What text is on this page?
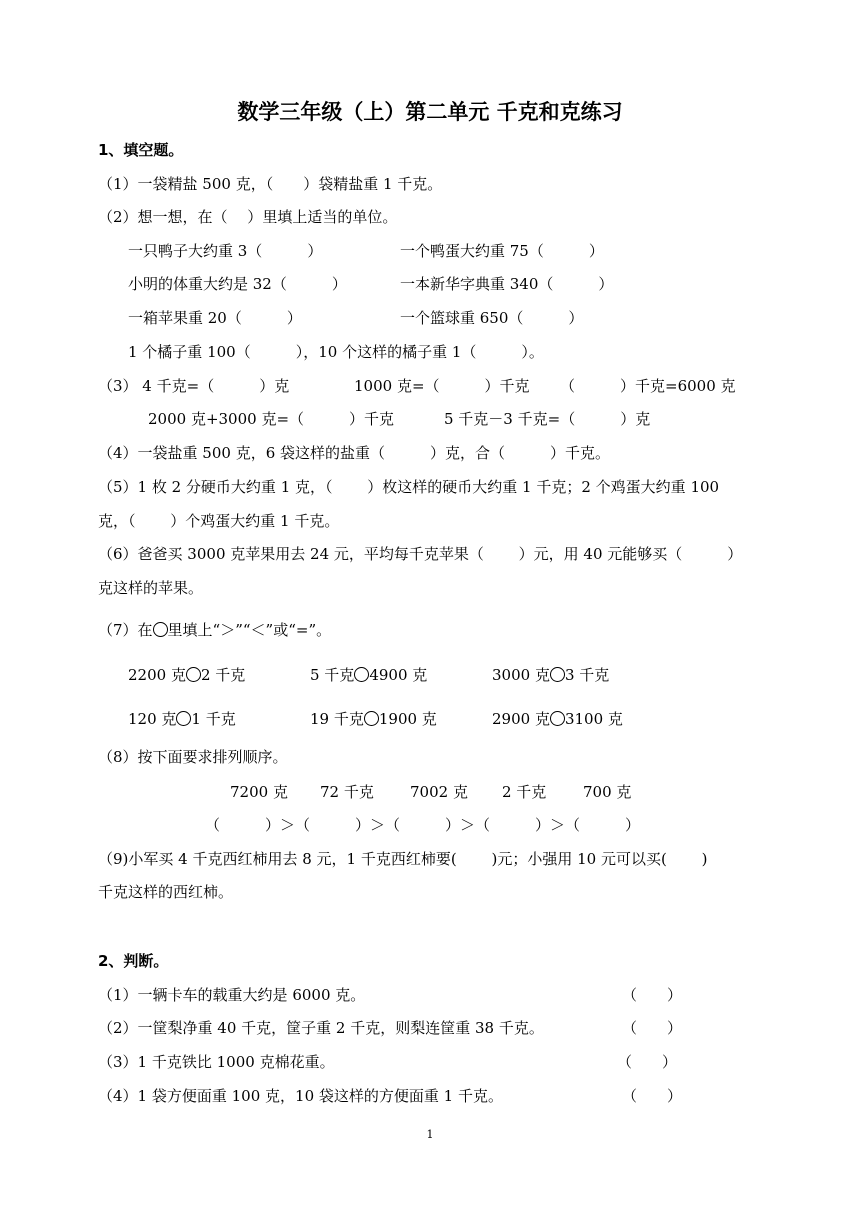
数学三年级（上）第二单元 千克和克练习
1、填空题。
（1）一袋精盐 500 克，（　　）袋精盐重 1 千克。
（2）想一想，在（　 ）里填上适当的单位。
一只鸭子大约重 3（　　　）	一个鸭蛋大约重 75（　　　）
小明的体重大约是 32（　　　）	一本新华字典重 340（　　　）
一箱苹果重 20（　　　）	一个篮球重 650（　　　）
1 个橘子重 100（　　　），10 个这样的橘子重 1（　　　）。
（3） 4 千克=（　　　）克	1000 克=（　　　）千克 （　　　）千克=6000 克
2000 克+3000 克=（　　　）千克	5 千克－3 千克=（　　　）克
（4）一袋盐重 500 克，6 袋这样的盐重（　　　）克，合（　　　）千克。
（5）1 枚 2 分硬币大约重 1 克，（　　 ）枚这样的硬币大约重 1 千克；2 个鸡蛋大约重 100
克，（　　 ）个鸡蛋大约重 1 千克。
（6）爸爸买 3000 克苹果用去 24 元，平均每千克苹果（　　 ）元，用 40 元能够买（　　　）
克这样的苹果。
（7）在 里填上“＞”“＜”或“=”。
2200 克 2 千克	5 千克 4900 克	3000 克 3 千克
120 克 1 千克	19 千克 1900 克	2900 克 3100 克
（8）按下面要求排列顺序。
7200 克 72 千克 7002 克 2 千克 700 克
（　　　）＞（　　　）＞（　　　）＞（　　　）＞（　　　）
（9)小军买 4 千克西红柿用去 8 元，1 千克西红柿要(　　 )元；小强用 10 元可以买(　　 )
千克这样的西红柿。
2、判断。
（1）一辆卡车的载重大约是 6000 克。	（　　）
（2）一筐梨净重 40 千克，筐子重 2 千克，则梨连筐重 38 千克。	（　　）
（3）1 千克铁比 1000 克棉花重。	（　　）
（4）1 袋方便面重 100 克，10 袋这样的方便面重 1 千克。	（　　）
1
